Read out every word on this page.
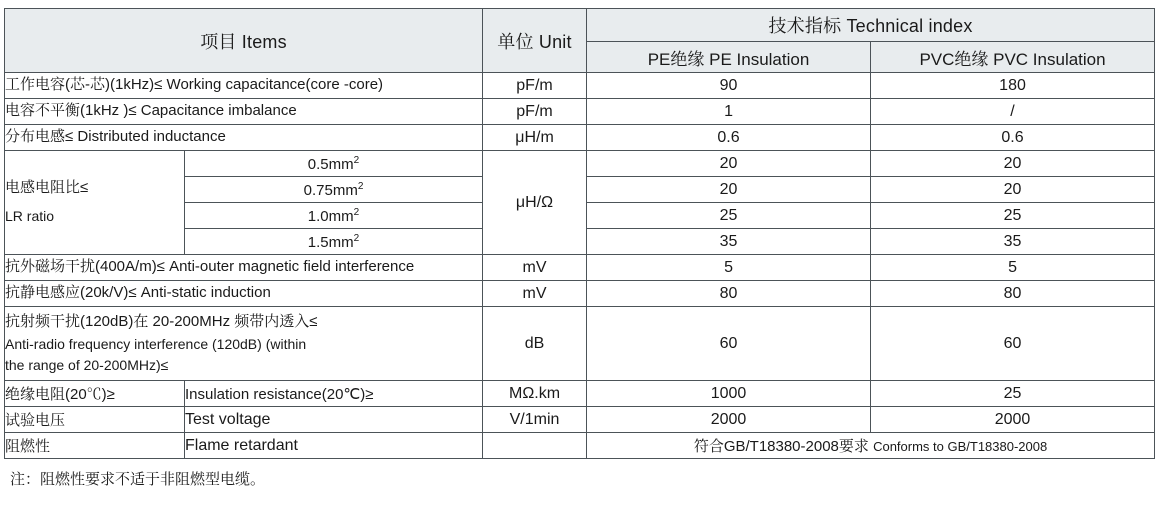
项目 Items		单位 Unit	技术指标 Technical index	
			PE绝缘 PE Insulation	PVC绝缘 PVC Insulation
工作电容(芯-芯)(1kHz)≤ Working capacitance(core -core)		pF/m	90	180
电容不平衡(1kHz )≤ Capacitance imbalance		pF/m	1	/
分布电感≤ Distributed inductance		μH/m	0.6	0.6
电感电阻比≤
LR ratio	$0.5mm^2$	μH/Ω	20	20
	$0.75mm^2$		20	20
	$1.0mm^2$		25	25
	$1.5mm^2$		35	35
抗外磁场干扰(400A/m)≤ Anti-outer magnetic field interference		mV	5	5
抗静电感应(20k/V)≤ Anti-static induction		mV	80	80
抗射频干扰(120dB)在 20-200MHz 频带内透入≤
Anti-radio frequency interference (120dB) (within
the range of 20-200MHz)≤		dB	60	60
绝缘电阻(20℃)≥	Insulation resistance(20℃)≥	MΩ.km	1000	25
试验电压	Test voltage	V/1min	2000	2000
阻燃性	Flame retardant		符合GB/T18380-2008要求 Conforms to GB/T18380-2008	
注：阻燃性要求不适于非阻燃型电缆。
